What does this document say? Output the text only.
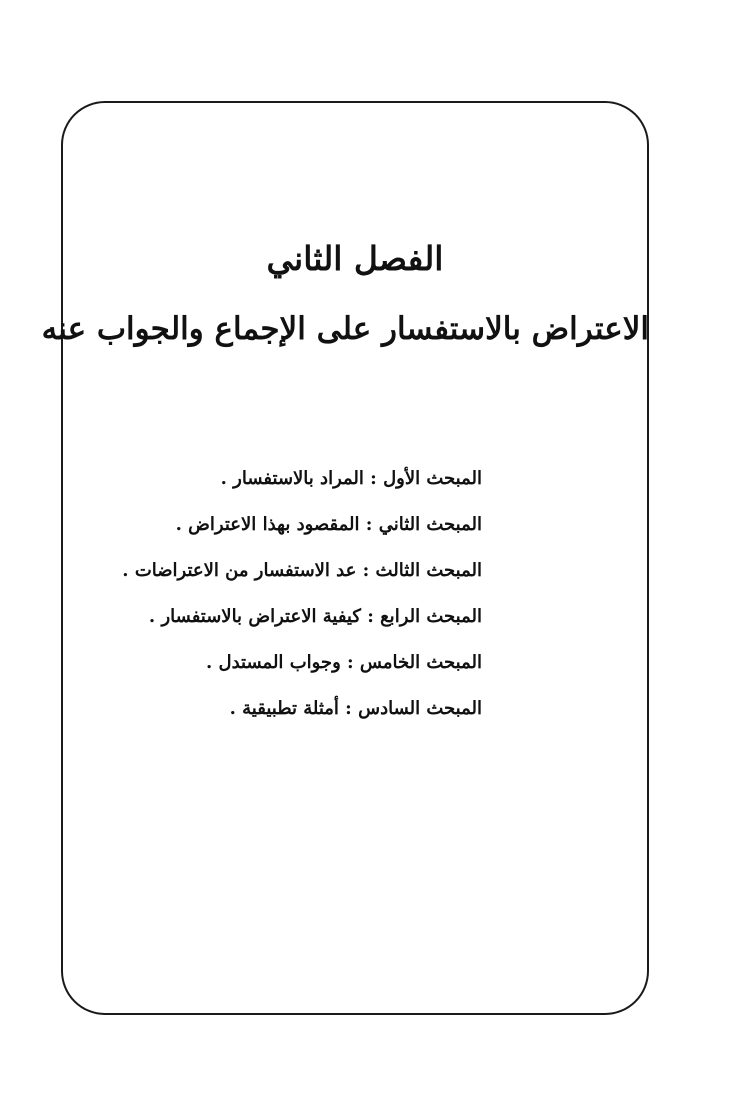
الفصل الثاني
الاعتراض بالاستفسار على الإجماع والجواب عنه
المبحث الأول : المراد بالاستفسار .
المبحث الثاني : المقصود بهذا الاعتراض .
المبحث الثالث : عد الاستفسار من الاعتراضات .
المبحث الرابع : كيفية الاعتراض بالاستفسار .
المبحث الخامس : وجواب المستدل .
المبحث السادس : أمثلة تطبيقية .
